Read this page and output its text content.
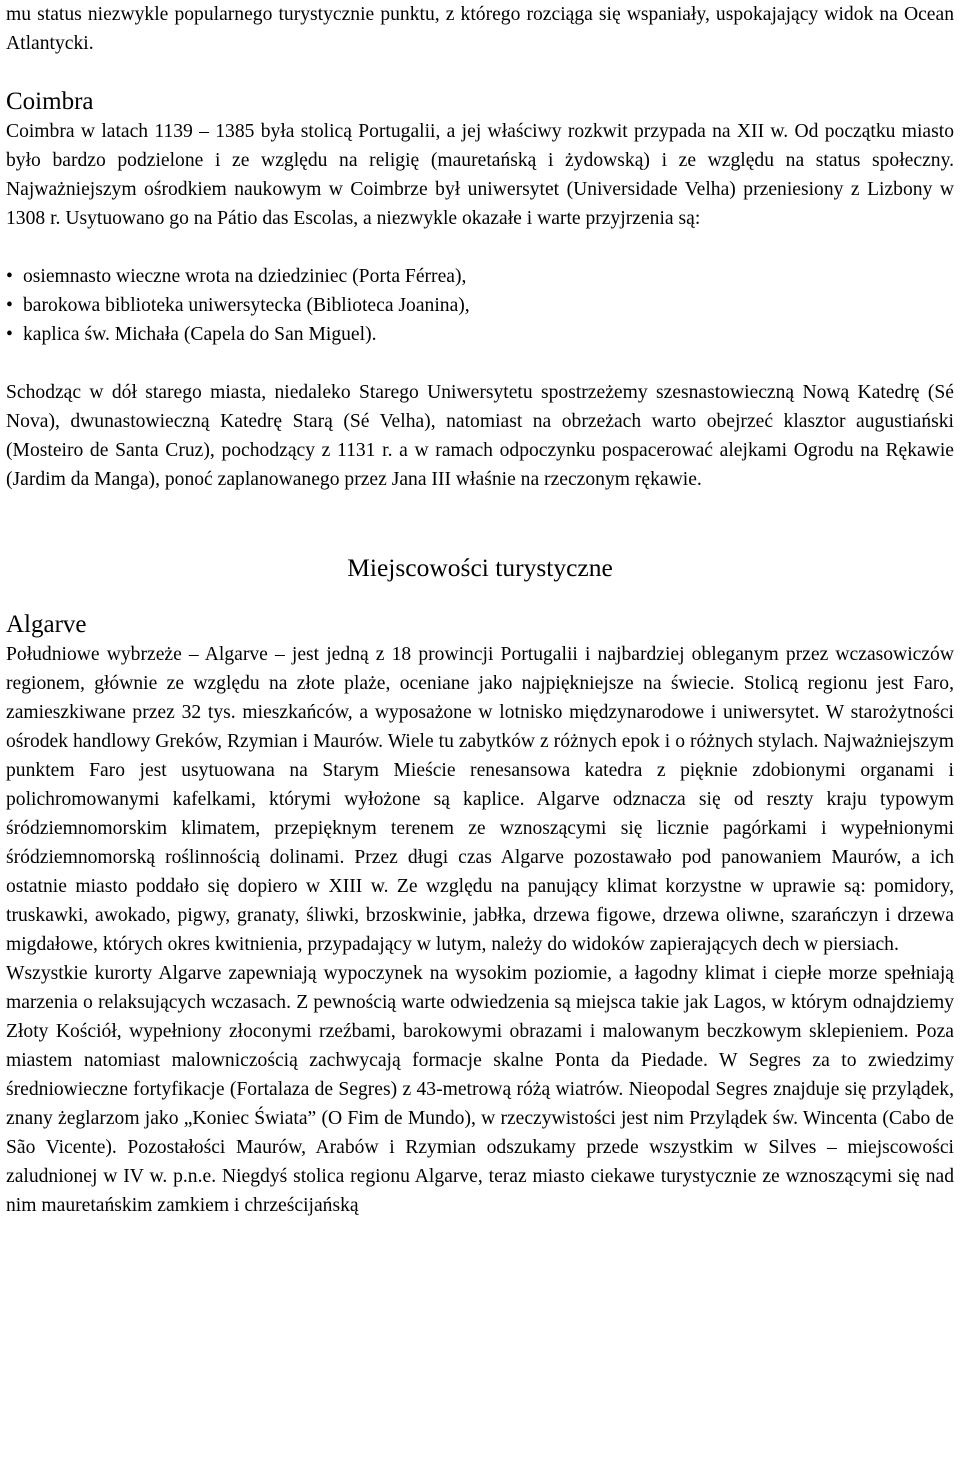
mu status niezwykle popularnego turystycznie punktu, z którego rozciąga się wspaniały, uspokajający widok na Ocean Atlantycki.

Coimbra

Coimbra w latach 1139 – 1385 była stolicą Portugalii, a jej właściwy rozkwit przypada na XII w. Od początku miasto było bardzo podzielone i ze względu na religię (mauretańską i żydowską) i ze względu na status społeczny. Najważniejszym ośrodkiem naukowym w Coimbrze był uniwersytet (Universidade Velha) przeniesiony z Lizbony w 1308 r. Usytuowano go na Pátio das Escolas, a niezwykle okazałe i warte przyjrzenia są:

• osiemnasto wieczne wrota na dziedziniec (Porta Férrea),
• barokowa biblioteka uniwersytecka (Biblioteca Joanina),
• kaplica św. Michała (Capela do San Miguel).

Schodząc w dół starego miasta, niedaleko Starego Uniwersytetu spostrzeżemy szesnastowieczną Nową Katedrę (Sé Nova), dwunastowieczną Katedrę Starą (Sé Velha), natomiast na obrzeżach warto obejrzeć klasztor augustiański (Mosteiro de Santa Cruz), pochodzący z 1131 r. a w ramach odpoczynku pospacerować alejkami Ogrodu na Rękawie (Jardim da Manga), ponoć zaplanowanego przez Jana III właśnie na rzeczonym rękawie.

Miejscowości turystyczne
Algarve

Południowe wybrzeże – Algarve – jest jedną z 18 prowincji Portugalii i najbardziej obleganym przez wczasowiczów regionem, głównie ze względu na złote plaże, oceniane jako najpiękniejsze na świecie. Stolicą regionu jest Faro, zamieszkiwane przez 32 tys. mieszkańców, a wyposażone w lotnisko międzynarodowe i uniwersytet. W starożytności ośrodek handlowy Greków, Rzymian i Maurów. Wiele tu zabytków z różnych epok i o różnych stylach. Najważniejszym punktem Faro jest usytuowana na Starym Mieście renesansowa katedra z pięknie zdobionymi organami i polichromowanymi kafelkami, którymi wyłożone są kaplice. Algarve odznacza się od reszty kraju typowym śródziemnomorskim klimatem, przepięknym terenem ze wznoszącymi się licznie pagórkami i wypełnionymi śródziemnomorską roślinnością dolinami. Przez długi czas Algarve pozostawało pod panowaniem Maurów, a ich ostatnie miasto poddało się dopiero w XIII w. Ze względu na panujący klimat korzystne w uprawie są: pomidory, truskawki, awokado, pigwy, granaty, śliwki, brzoskwinie, jabłka, drzewa figowe, drzewa oliwne, szarańczyn i drzewa migdałowe, których okres kwitnienia, przypadający w lutym, należy do widoków zapierających dech w piersiach.

Wszystkie kurorty Algarve zapewniają wypoczynek na wysokim poziomie, a łagodny klimat i ciepłe morze spełniają marzenia o relaksujących wczasach. Z pewnością warte odwiedzenia są miejsca takie jak Lagos, w którym odnajdziemy Złoty Kościół, wypełniony złoconymi rzeźbami, barokowymi obrazami i malowanym beczkowym sklepieniem. Poza miastem natomiast malowniczością zachwycają formacje skalne Ponta da Piedade. W Segres za to zwiedzimy średniowieczne fortyfikacje (Fortalaza de Segres) z 43-metrową różą wiatrów. Nieopodal Segres znajduje się przylądek, znany żeglarzom jako „Koniec Świata” (O Fim de Mundo), w rzeczywistości jest nim Przylądek św. Wincenta (Cabo de São Vicente). Pozostałości Maurów, Arabów i Rzymian odszukamy przede wszystkim w Silves – miejscowości zaludnionej w IV w. p.n.e. Niegdyś stolica regionu Algarve, teraz miasto ciekawe turystycznie ze wznoszącymi się nad nim mauretańskim zamkiem i chrześcijańską
